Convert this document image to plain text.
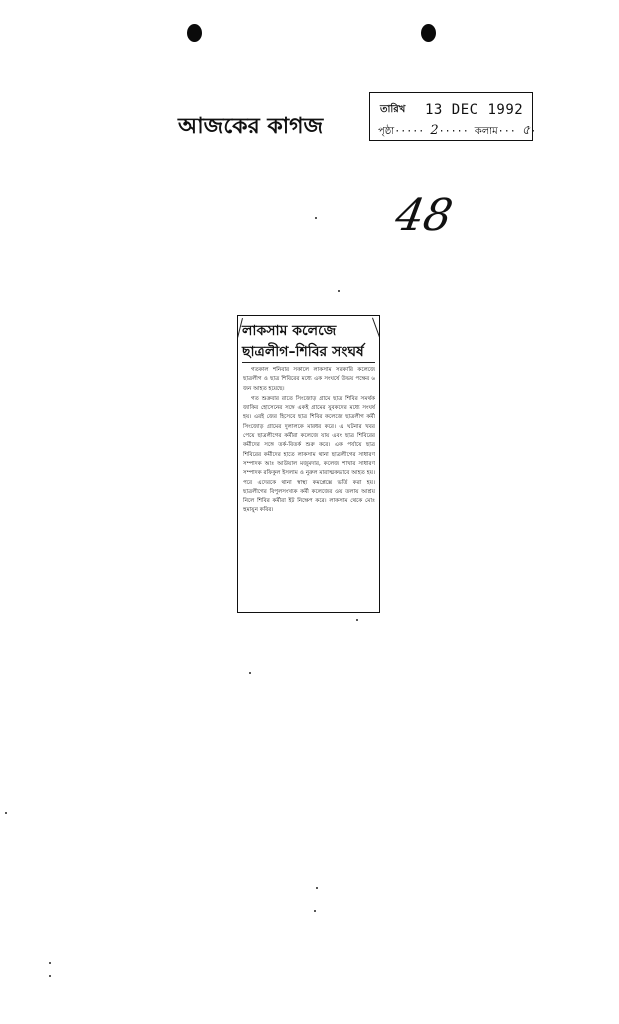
আজকের কাগজ
তারিখ 13 DEC 1992
পৃষ্ঠা····· 2····· কলাম··· ৫·
48
লাকসাম কলেজে
ছাত্রলীগ–শিবির সংঘর্ষ

গতকাল শনিবার সকালে লাকসাম সরকারি কলেজে ছাত্রলীগ ও ছাত্র শিবিরের মধ্যে এক সংঘর্ষে উভয় পক্ষের ৬ জন আহত হয়েছে।

গত শুক্রবার রাতে সিংজোড় গ্রামে ছাত্র শিবির সমর্থক জাকির হোসেনের সঙ্গে একই গ্রামের যুবকদের মধ্যে সংঘর্ষ হয়। এরই জের হিসেবে ছাত্র শিবির কলেজে ছাত্রলীগ কর্মী সিংজোড় গ্রামের দুলালকে মারধর করে। এ ঘটনার খবর পেয়ে ছাত্রলীগের কর্মীরা কলেজে যায় এবং ছাত্র শিবিরের কর্মীদের সঙ্গে তর্ক-বিতর্ক শুরু করে। এক পর্যায়ে ছাত্র শিবিরের কর্মীদের হাতে লাকসাম থানা ছাত্রলীগের সাধারণ সম্পাদক আঃ আউয়াল মজুমদার, কলেজ শাখার সাধারণ সম্পাদক রফিকুল ইসলাম ও নুরুল মারাত্মকভাবে আহত হয়। পরে এদেরকে থানা স্বাস্থ্য কমপ্লেক্সে ভর্তি করা হয়। ছাত্রলীগের বিপুলসংখ্যক কর্মী কলেজের ওয় তলায় আশ্রয় নিলে শিবির কর্মীরা ইট নিক্ষেপ করে। লাকসাম থেকে মোঃ হুমায়ুন কবির।
